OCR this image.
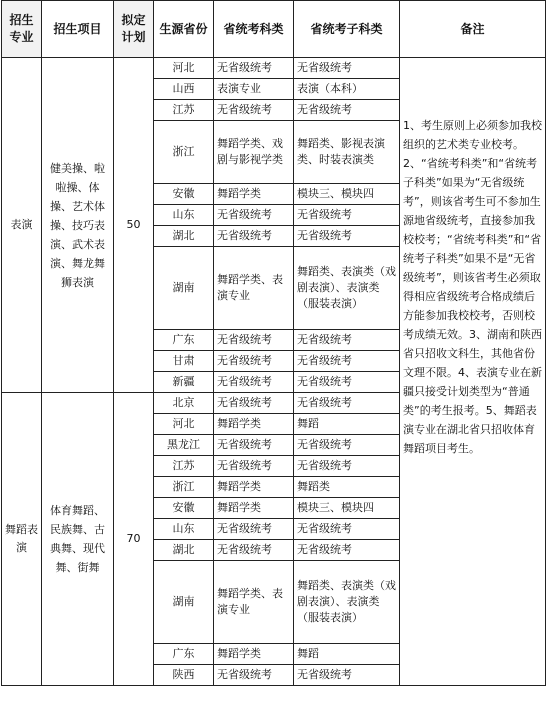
招生专业	招生项目	拟定计划	生源省份	省统考科类	省统考子科类	备注
表演	健美操、啦啦操、体操、艺术体操、技巧表演、武术表演、舞龙舞狮表演	50	河北	无省级统考	无省级统考	1、考生原则上必须参加我校组织的艺术类专业校考。2、“省统考科类”和“省统考子科类”如果为“无省级统考”，则该省考生可不参加生源地省级统考，直接参加我校校考；“省统考科类”和“省统考子科类”如果不是“无省级统考”，则该省考生必须取得相应省级统考合格成绩后方能参加我校校考，否则校考成绩无效。3、湖南和陕西省只招收文科生，其他省份文理不限。4、表演专业在新疆只接受计划类型为“普通类”的考生报考。5、舞蹈表演专业在湖北省只招收体育舞蹈项目考生。
			山西	表演专业	表演（本科）	
			江苏	无省级统考	无省级统考	
			浙江	舞蹈学类、戏剧与影视学类	舞蹈类、影视表演类、时装表演类	
			安徽	舞蹈学类	模块三、模块四	
			山东	无省级统考	无省级统考	
			湖北	无省级统考	无省级统考	
			湖南	舞蹈学类、表演专业	舞蹈类、表演类（戏剧表演）、表演类（服装表演）	
			广东	无省级统考	无省级统考	
			甘肃	无省级统考	无省级统考	
			新疆	无省级统考	无省级统考	
舞蹈表演	体育舞蹈、民族舞、古典舞、现代舞、街舞	70	北京	无省级统考	无省级统考	
			河北	舞蹈学类	舞蹈	
			黑龙江	无省级统考	无省级统考	
			江苏	无省级统考	无省级统考	
			浙江	舞蹈学类	舞蹈类	
			安徽	舞蹈学类	模块三、模块四	
			山东	无省级统考	无省级统考	
			湖北	无省级统考	无省级统考	
			湖南	舞蹈学类、表演专业	舞蹈类、表演类（戏剧表演）、表演类（服装表演）	
			广东	舞蹈学类	舞蹈	
			陕西	无省级统考	无省级统考	
